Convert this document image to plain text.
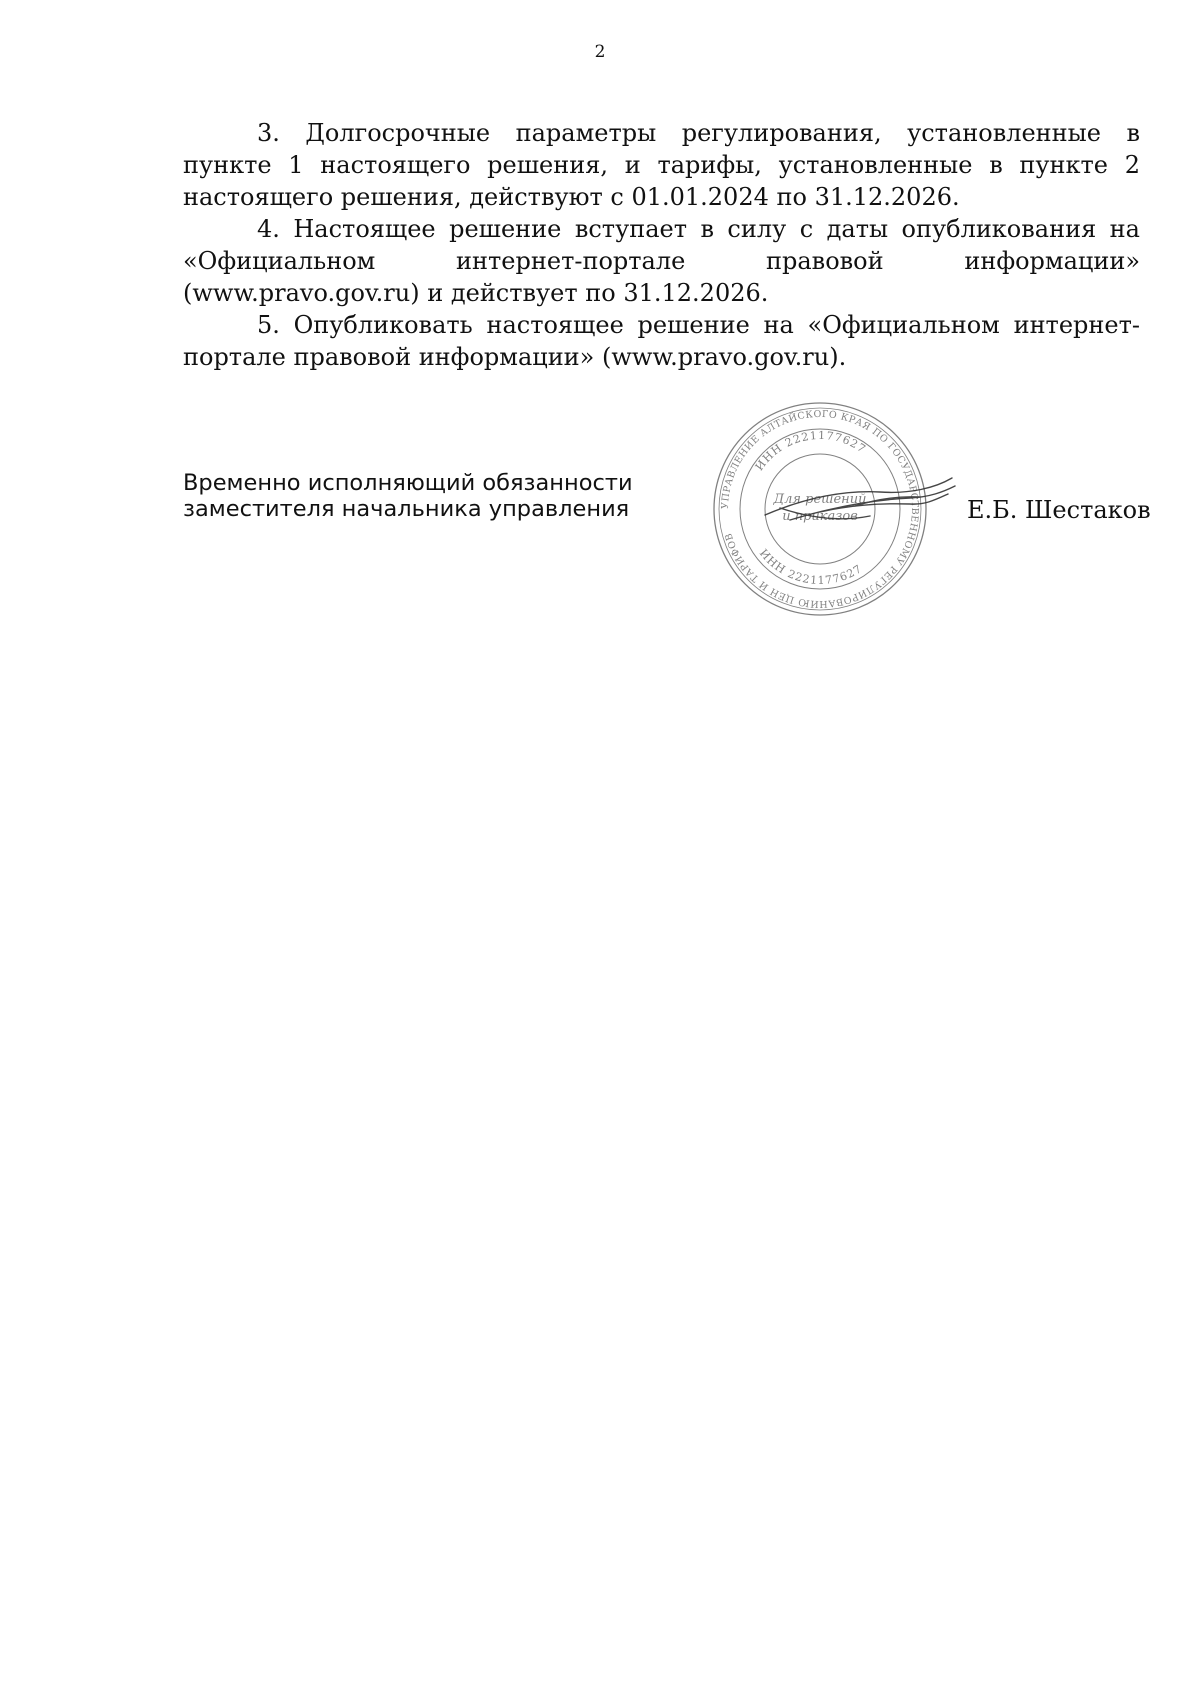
2

3. Долгосрочные параметры регулирования, установленные в пункте 1 настоящего решения, и тарифы, установленные в пункте 2 настоящего решения, действуют с 01.01.2024 по 31.12.2026.

4. Настоящее решение вступает в силу с даты опубликования на «Официальном интернет-портале правовой информации» (www.pravo.gov.ru) и действует по 31.12.2026.

5. Опубликовать настоящее решение на «Официальном интернет-портале правовой информации» (www.pravo.gov.ru).

Временно исполняющий обязанности
заместителя начальника управления	УПРАВЛЕНИЕ АЛТАЙСКОГО КРАЯ ПО ГОСУДАРСТВЕННОМУ РЕГУЛИРОВАНИЮ ЦЕН И ТАРИФОВ
ИНН 2221177627
ИНН 2221177627
Для решений
и приказов	Е.Б. Шестаков
